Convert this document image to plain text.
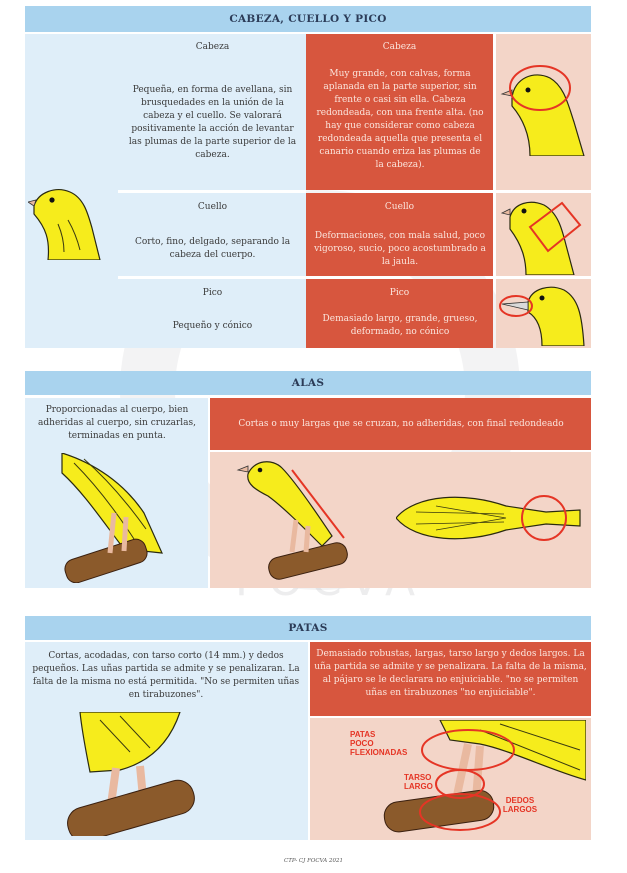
CABEZA, CUELLO Y PICO
Cabeza
Pequeña, en forma de avellana, sin brusquedades en la unión de la cabeza y el cuello. Se valorará positivamente la acción de levantar las plumas de la parte superior de la cabeza.
Cuello
Corto, fino, delgado, separando la cabeza del cuerpo.
Pico
Pequeño y cónico
Cabeza
Muy grande, con calvas, forma aplanada en la parte superior, sin frente o casi sin ella. Cabeza redondeada, con una frente alta. (no hay que considerar como cabeza redondeada aquella que presenta el canario cuando eriza las plumas de la cabeza).
Cuello
Deformaciones, con mala salud, poco vigoroso, sucio, poco acostumbrado a la jaula.
Pico
Demasiado largo, grande, grueso, deformado, no cónico
ALAS
Proporcionadas al cuerpo, bien adheridas al cuerpo, sin cruzarlas, terminadas en punta.
Cortas o muy largas que se cruzan, no adheridas, con final redondeado
PATAS
Cortas, acodadas, con tarso corto (14 mm.) y dedos pequeños. Las uñas partida se admite y se penalizaran. La falta de la misma no está permitida. "No se permiten uñas en tirabuzones".
Demasiado robustas, largas, tarso largo y dedos largos. La uña partida se admite y se penalizara. La falta de la misma, al pájaro se le declarara no enjuiciable. "no se permiten uñas en tirabuzones "no enjuiciable".
PATAS
POCO
FLEXIONADAS
TARSO
LARGO
DEDOS
LARGOS
CTP- CJ FOCVA 2021
